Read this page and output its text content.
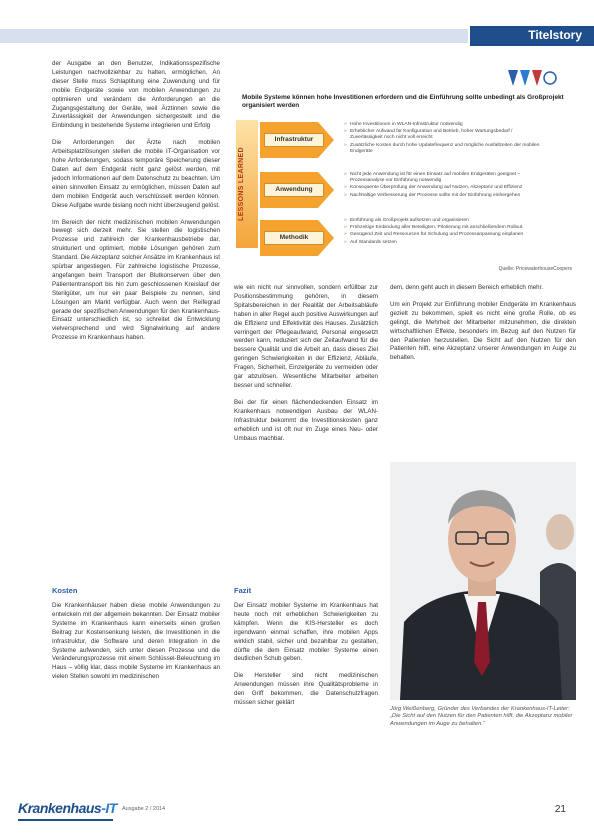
Titelstory

der Ausgabe an den Benutzer, Indikationsspezifische Leistungen nachvollziehbar zu halten, ermöglichen. An dieser Stelle muss Schlaptitung eine Zuwendung und für mobile Endgeräte sowie von mobilen Anwendungen zu optimieren und verändern die Anforderungen an die Zugangsgestaltung der Geräte, weil Ärztinnen sowie die Zuverlässigkeit der Anwendungen sichergestellt und die Einbindung in bestehende Systeme integrieren und Erfolg

Die Anforderungen der Ärzte nach mobilen Arbeitsplatzlösungen stellen die mobile IT-Organisation vor hohe Anforderungen, sodass temporäre Speicherung dieser Daten auf dem Endgerät nicht ganz gelöst werden, mit jedoch Informationen auf dem Datenschutz zu beachten. Um einen sinnvollen Einsatz zu ermöglichen, müssen Daten auf dem mobilen Endgerät auch verschlüsselt werden können. Diese Aufgabe wurde bislang noch nicht überzeugend gelöst.

Im Bereich der nicht medizinischen mobilen Anwendungen bewegt sich derzeit mehr. Sie stellen die logistischen Prozesse und zahlreich der Krankenhausbetriebe dar, strukturiert und optimiert, mobile Lösungen gehören zum Standard. Die Akzeptanz solcher Ansätze im Krankenhaus ist spürbar angestiegen. Für zahlreiche logistische Prozesse, angefangen beim Transport der Blutkonserven über den Patiententransport bis hin zum geschlossenen Kreislauf der Sterilgüter, um nur ein paar Beispiele zu nennen, sind Lösungen am Markt verfügbar. Auch wenn der Reifegrad gerade der spezifischen Anwendungen für den Krankenhaus-Einsatz unterschiedlich ist, so schreitet die Entwicklung vielversprechend und wird Signalwirkung auf andere Prozesse im Krankenhaus haben.

Mobile Systeme können hohe Investitionen erfordern und die Einführung sollte unbedingt als Großprojekt organisiert werden
LESSONS LEARNED
Infrastruktur
» Hohe Investitionen in WLAN-Infrastruktur notwendig
» Erheblicher Aufwand für Konfiguration und Betrieb, hoher Wartungsbedarf / Zuverlässigkeit noch nicht voll erreicht
» Zusätzliche Kosten durch hohe Updatefrequenz und mögliche Ausfallzeiten der mobilen Endgeräte
Anwendung
» Nicht jede Anwendung ist für einen Einsatz auf mobilen Endgeräten geeignet – Prozessanalyse vor Einführung notwendig
» Konsequente Überprüfung der Anwendung auf Nutzen, Akzeptanz und Effizienz
» Nachhaltige Verbesserung der Prozesse sollte mit der Einführung einhergehen
Methodik
» Einführung als Großprojekt aufsetzen und organisieren
» Frühzeitige Einbindung aller Beteiligten, Pilotierung mit anschließendem Rollout
» Genügend Zeit und Ressourcen für Schulung und Prozessanpassung einplanen
» Auf Standards setzen
Quelle: PricewaterhouseCoopers

wie ein nicht nur sinnvollen, sondern erfüllbar zur Positionsbestimmung gehören, in diesem Spitalsbereichen in der Realität der Arbeitsabläufe haben in aller Regel auch positive Auswirkungen auf die Effizienz und Effektivität des Hauses. Zusätzlich verringert der Pflegeaufwand, Personal eingesetzt werden kann, reduziert sich der Zeitaufwand für die bessere Qualität und die Arbeit an, dass dieses Ziel geringen Schwierigkeiten in der Effizienz, Abläufe, Fragen, Sicherheit, Einzelgeräte zu vermeiden oder gar abzulösen. Wesentliche Mitarbeiter arbeiten besser und schneller.

Bei der für einen flächendeckenden Einsatz im Krankenhaus notwendigen Ausbau der WLAN-Infrastruktur bekommt die Investitionskosten ganz erheblich und ist oft nur im Zuge eines Neu- oder Umbaus machbar.

dem, denn geht auch in diesem Bereich erheblich mehr.

Um ein Projekt zur Einführung mobiler Endgeräte im Krankenhaus gezielt zu bekommen, spielt es nicht eine große Rolle, ob es gelingt, die Mehrheit der Mitarbeiter mitzunehmen, die direkten wirtschaftlichen Effekte, besonders im Bezug auf den Nutzen für den Patienten herzustellen. Die Sicht auf den Nutzen für den Patienten hilft, eine Akzeptanz unserer Anwendungen im Auge zu behalten.

Kosten	Fazit

Die Krankenhäuser haben diese mobile Anwendungen zu entwickeln mit der allgemein bekannten. Der Einsatz mobiler Systeme im Krankenhaus kann einerseits einen großen Beitrag zur Kostensenkung leisten, die Investitionen in die Infrastruktur, die Software und deren Integration in die Systeme aufwenden, sich unter diesen Prozesse und die Veränderungsprozesse mit einem Schlüssel-Beleuchtung im Haus – völlig klar, dass mobile Systeme im Krankenhaus an vielen Stellen sowohl im medizinischen

Der Einsatz mobiler Systeme im Krankenhaus hat heute noch mit erheblichen Schwierigkeiten zu kämpfen. Wenn die KIS-Hersteller es doch irgendwann einmal schaffen, ihre mobilen Apps wirklich stabil, sicher und bezahlbar zu gestalten, dürfte die dem Einsatz mobiler Systeme einen deutlichen Schub geben.

Die Hersteller sind nicht medizinischen Anwendungen müssen ihre Qualitätsprobleme in den Griff bekommen, die Datenschutzfragen müssen sicher geklärt

Jörg Weißenberg, Gründer des Verbandes der Krankenhaus-IT-Leiter: „Die Sicht auf den Nutzen für den Patienten hilft, die Akzeptanz mobiler Anwendungen im Auge zu behalten.“
Krankenhaus-IT Ausgabe 2 / 2014	21
